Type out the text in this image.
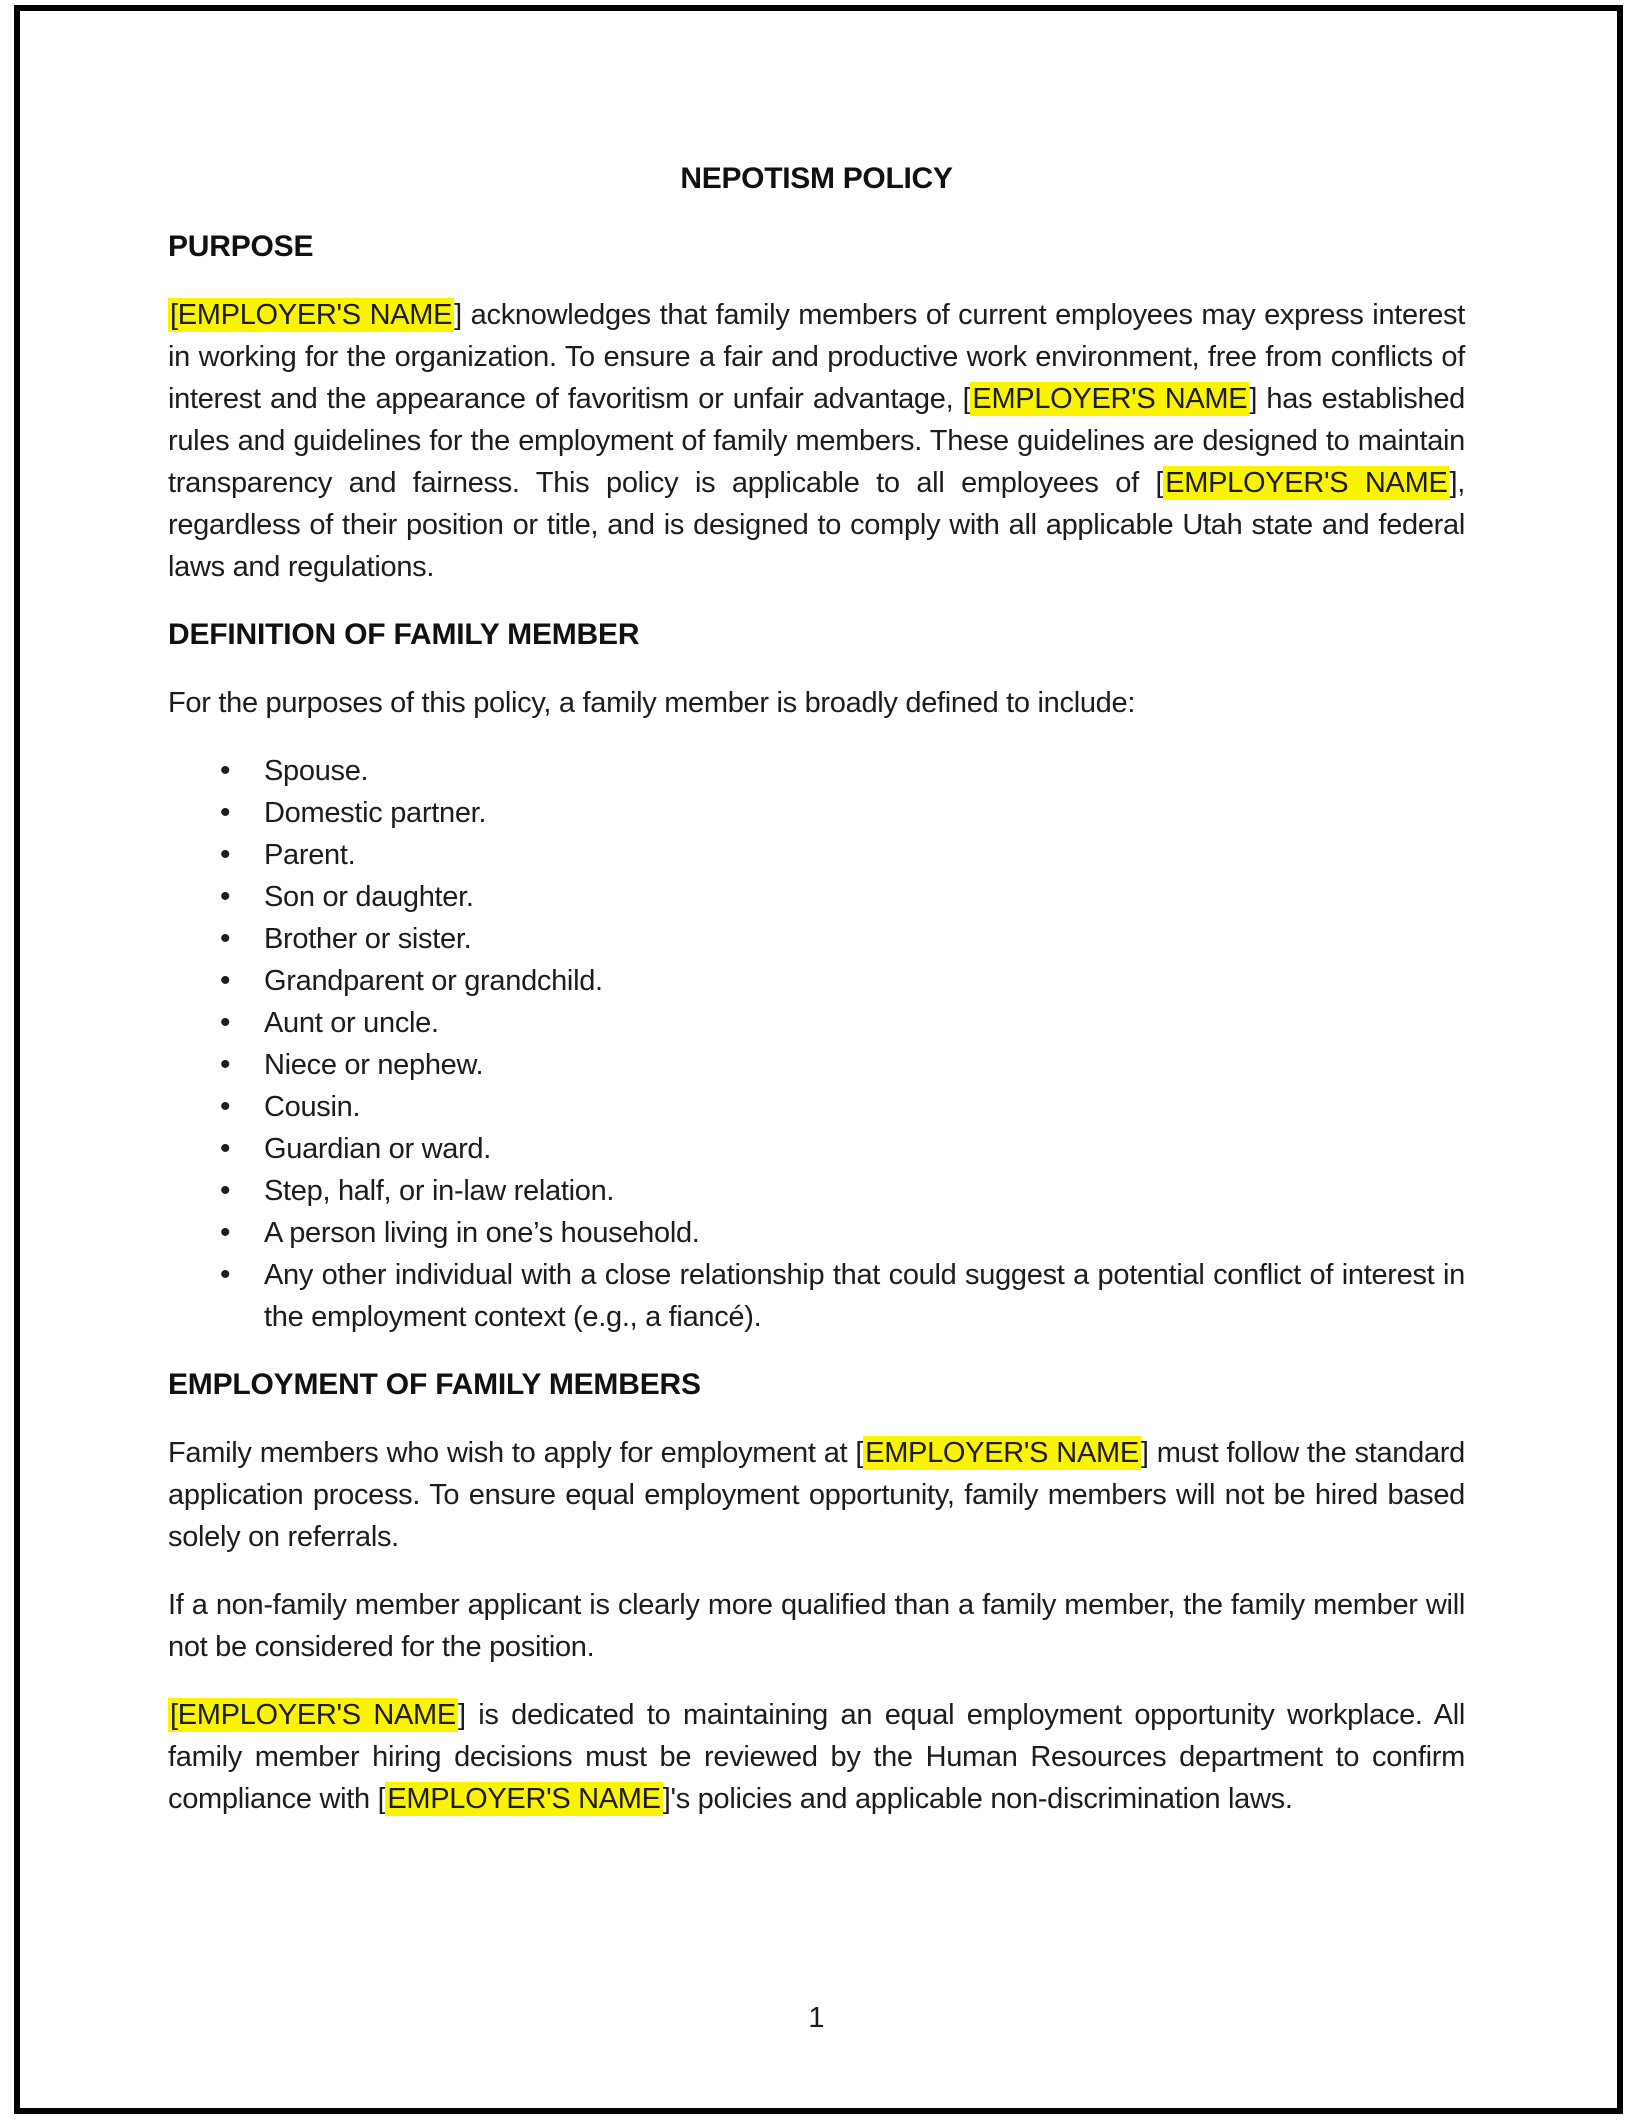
NEPOTISM POLICY
PURPOSE

[EMPLOYER'S NAME] acknowledges that family members of current employees may express interest in working for the organization. To ensure a fair and productive work environment, free from conflicts of interest and the appearance of favoritism or unfair advantage, [EMPLOYER'S NAME] has established rules and guidelines for the employment of family members. These guidelines are designed to maintain transparency and fairness. This policy is applicable to all employees of [EMPLOYER'S NAME], regardless of their position or title, and is designed to comply with all applicable Utah state and federal laws and regulations.

DEFINITION OF FAMILY MEMBER

For the purposes of this policy, a family member is broadly defined to include:

• Spouse.
• Domestic partner.
• Parent.
• Son or daughter.
• Brother or sister.
• Grandparent or grandchild.
• Aunt or uncle.
• Niece or nephew.
• Cousin.
• Guardian or ward.
• Step, half, or in-law relation.
• A person living in one’s household.
• Any other individual with a close relationship that could suggest a potential conflict of interest in the employment context (e.g., a fiancé).
EMPLOYMENT OF FAMILY MEMBERS

Family members who wish to apply for employment at [EMPLOYER'S NAME] must follow the standard application process. To ensure equal employment opportunity, family members will not be hired based solely on referrals.

If a non-family member applicant is clearly more qualified than a family member, the family member will not be considered for the position.

[EMPLOYER'S NAME] is dedicated to maintaining an equal employment opportunity workplace. All family member hiring decisions must be reviewed by the Human Resources department to confirm compliance with [EMPLOYER'S NAME]'s policies and applicable non-discrimination laws.

1
